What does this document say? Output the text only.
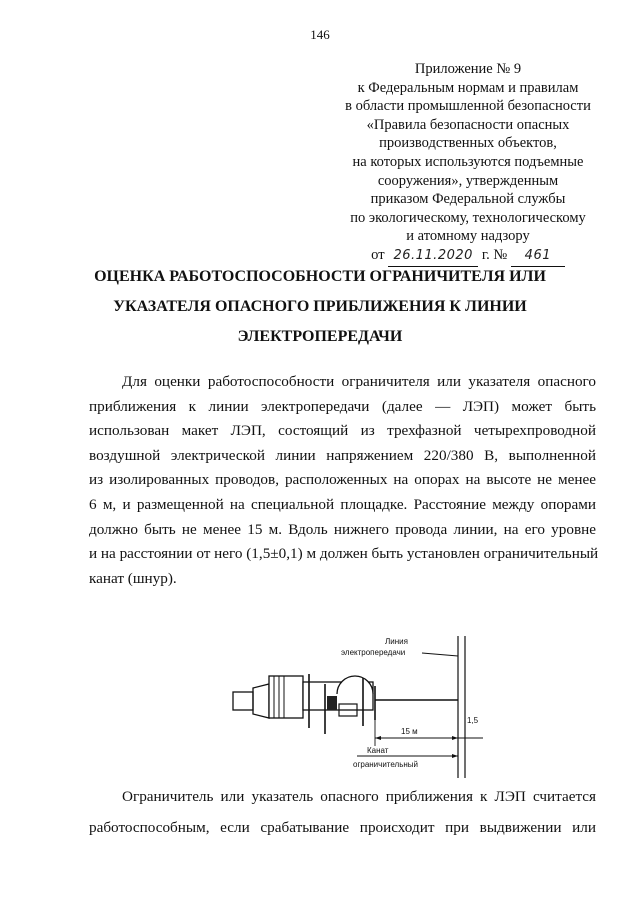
146
Приложение № 9
к Федеральным нормам и правилам
в области промышленной безопасности
«Правила безопасности опасных
производственных объектов,
на которых используются подъемные
сооружения», утвержденным
приказом Федеральной службы
по экологическому, технологическому
и атомному надзору
от 26.11.2020 г. № 461
ОЦЕНКА РАБОТОСПОСОБНОСТИ ОГРАНИЧИТЕЛЯ ИЛИ
УКАЗАТЕЛЯ ОПАСНОГО ПРИБЛИЖЕНИЯ К ЛИНИИ
ЭЛЕКТРОПЕРЕДАЧИ
Для оценки работоспособности ограничителя или указателя опасного
приближения к линии электропередачи (далее — ЛЭП) может быть
использован макет ЛЭП, состоящий из трехфазной четырехпроводной
воздушной электрической линии напряжением 220/380 В, выполненной
из изолированных проводов, расположенных на опорах на высоте не менее
6 м, и размещенной на специальной площадке. Расстояние между опорами
должно быть не менее 15 м. Вдоль нижнего провода линии, на его уровне
и на расстоянии от него (1,5±0,1) м должен быть установлен ограничительный
канат (шнур).
Линия
электропередачи
15 м
1,5
Канат
ограничительный
Ограничитель или указатель опасного приближения к ЛЭП считается
работоспособным, если срабатывание происходит при выдвижении или
